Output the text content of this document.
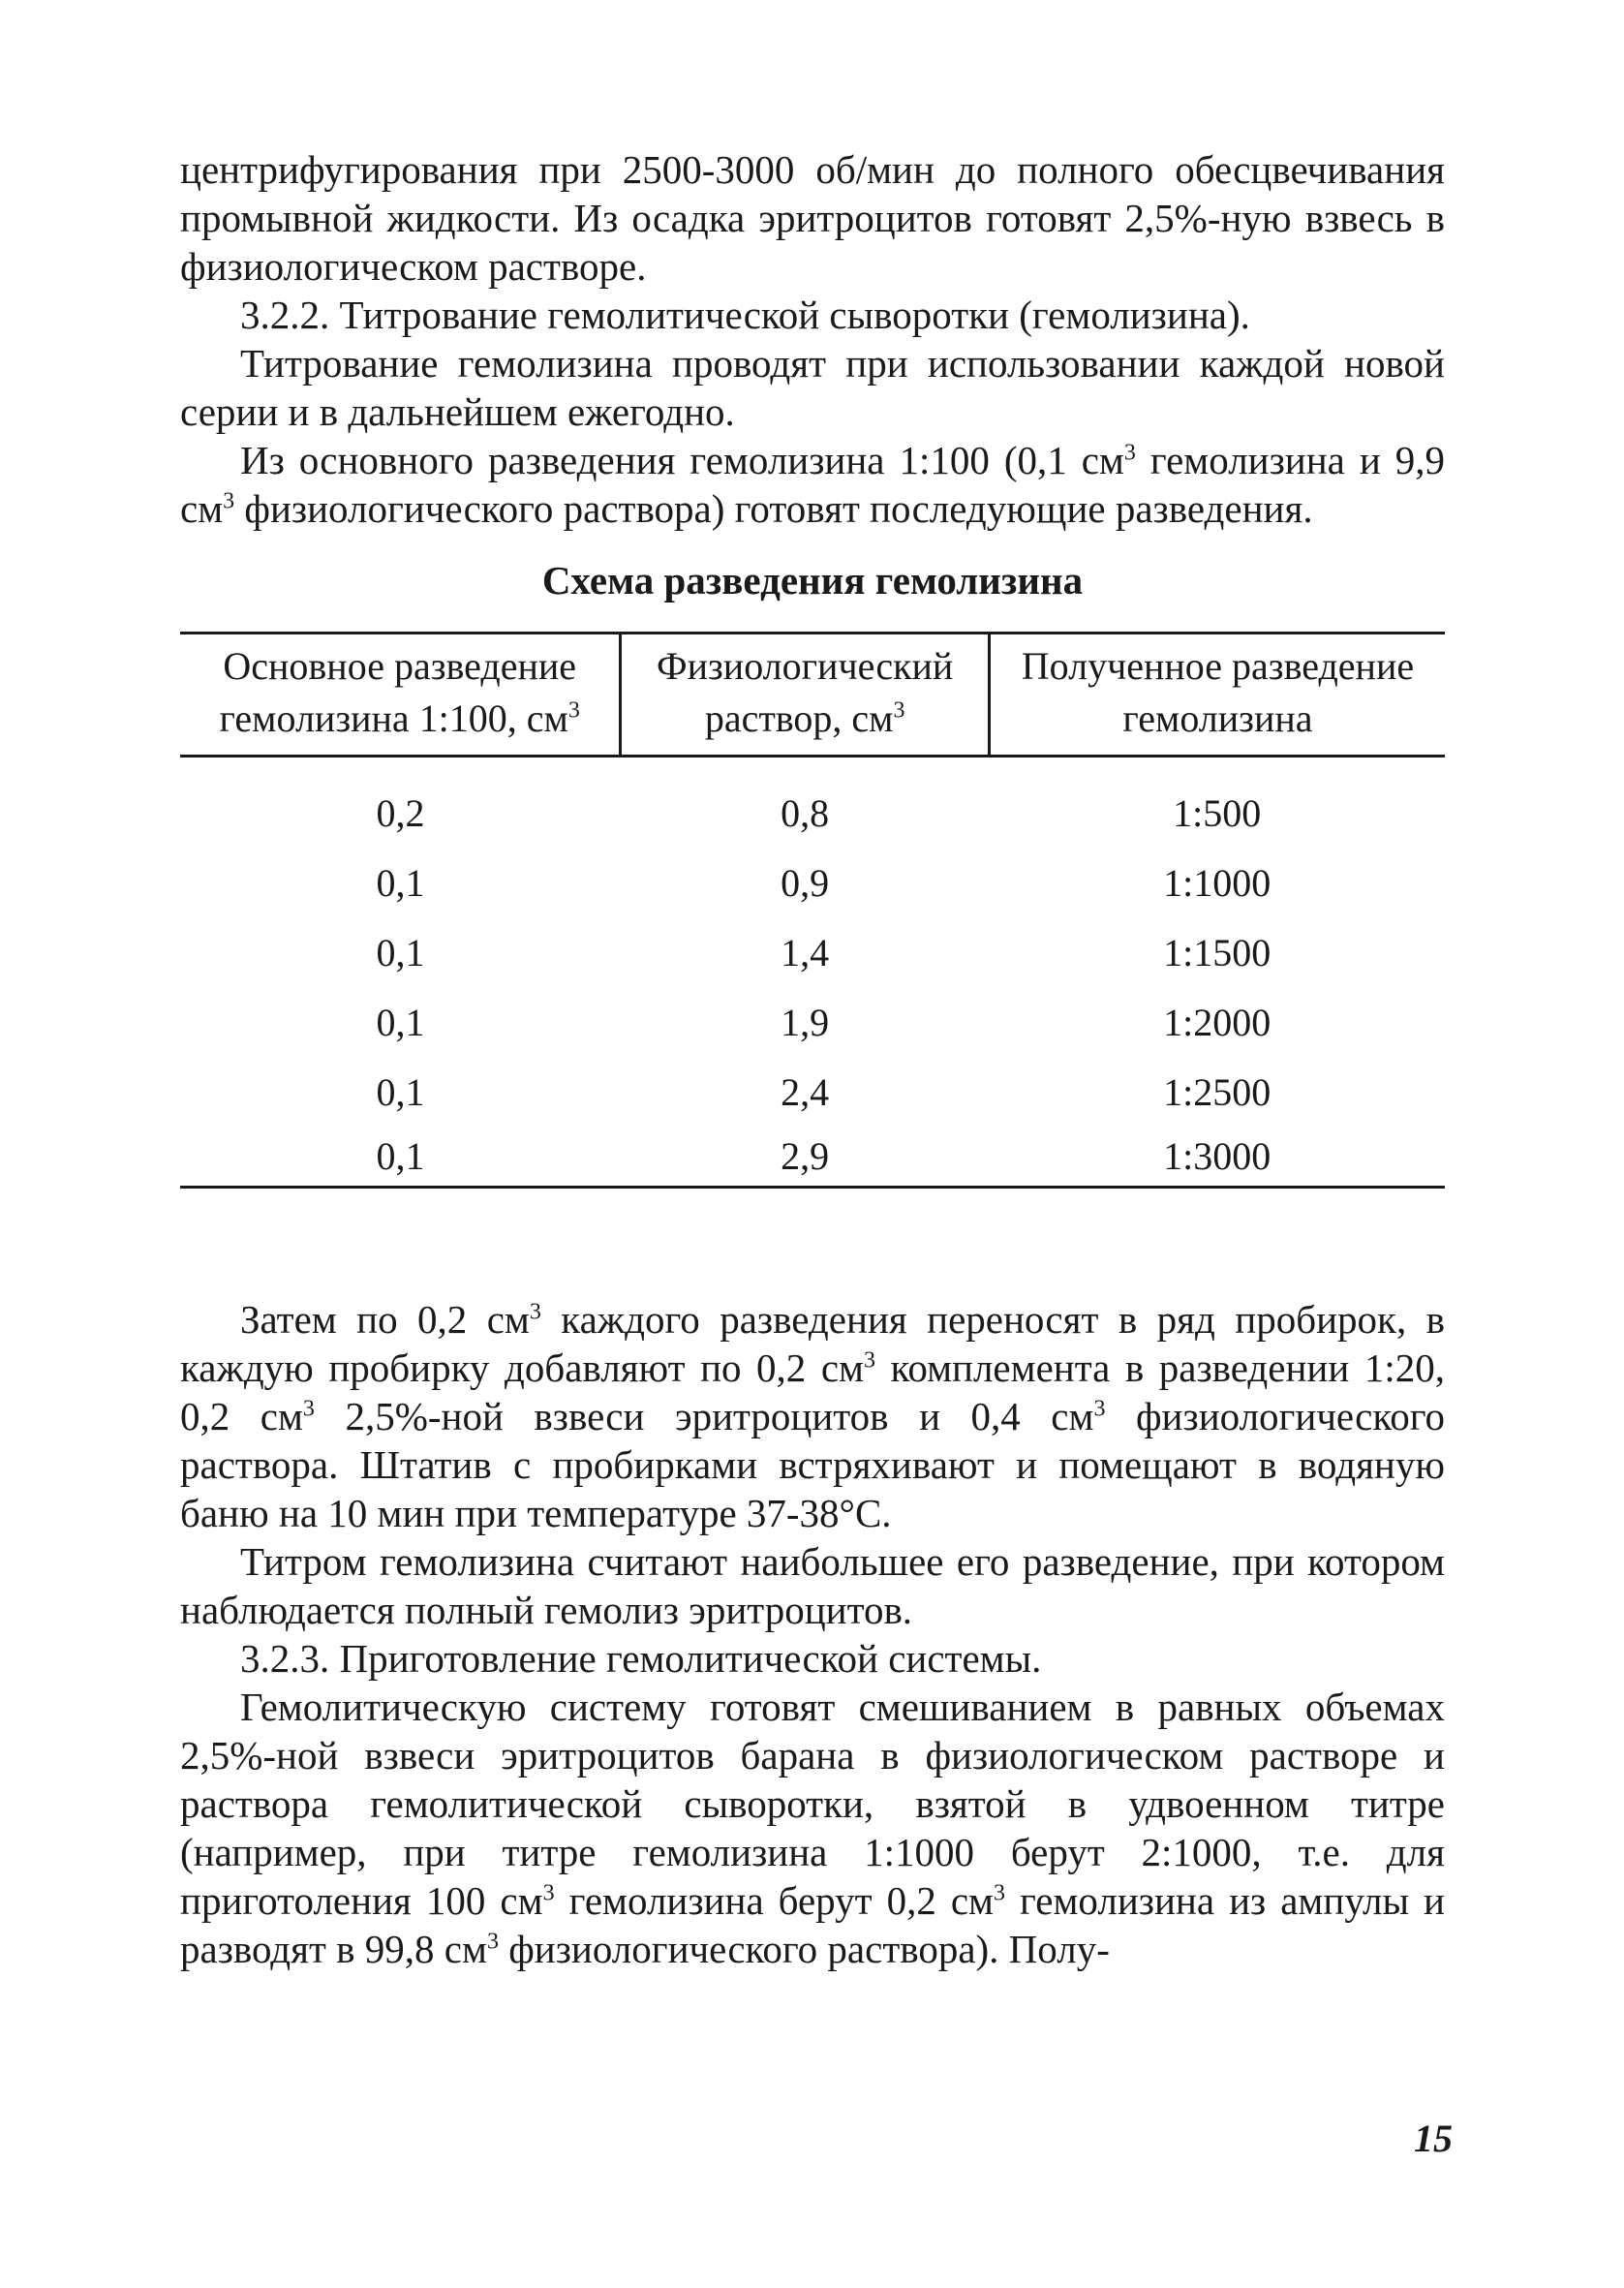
центрифугирования при 2500-3000 об/мин до полного обесцвечивания промывной жидкости. Из осадка эритроцитов готовят 2,5%-ную взвесь в физиологическом растворе.

3.2.2. Титрование гемолитической сыворотки (гемолизина).

Титрование гемолизина проводят при использовании каждой новой серии и в дальнейшем ежегодно.

Из основного разведения гемолизина 1:100 (0,1 $см^3$ гемолизина и 9,9 $см^3$ физиологического раствора) готовят последующие разведения.

Схема разведения гемолизина
Основное разведение гемолизина 1:100, $см^3$	Физиологический раствор, $см^3$	Полученное разведение гемолизина
0,2	0,8	1:500
0,1	0,9	1:1000
0,1	1,4	1:1500
0,1	1,9	1:2000
0,1	2,4	1:2500
0,1	2,9	1:3000

Затем по 0,2 $см^3$ каждого разведения переносят в ряд пробирок, в каждую пробирку добавляют по 0,2 $см^3$ комплемента в разведении 1:20, 0,2 $см^3$ 2,5%-ной взвеси эритроцитов и 0,4 $см^3$ физиологического раствора. Штатив с пробирками встряхивают и помещают в водяную баню на 10 мин при температуре 37-38°С.

Титром гемолизина считают наибольшее его разведение, при котором наблюдается полный гемолиз эритроцитов.

3.2.3. Приготовление гемолитической системы.

Гемолитическую систему готовят смешиванием в равных объемах 2,5%-ной взвеси эритроцитов барана в физиологическом растворе и раствора гемолитической сыворотки, взятой в удвоенном титре (например, при титре гемолизина 1:1000 берут 2:1000, т.е. для приготоления 100 $см^3$ гемолизина берут 0,2 $см^3$ гемолизина из ампулы и разводят в 99,8 $см^3$ физиологического раствора). Полу-

15
